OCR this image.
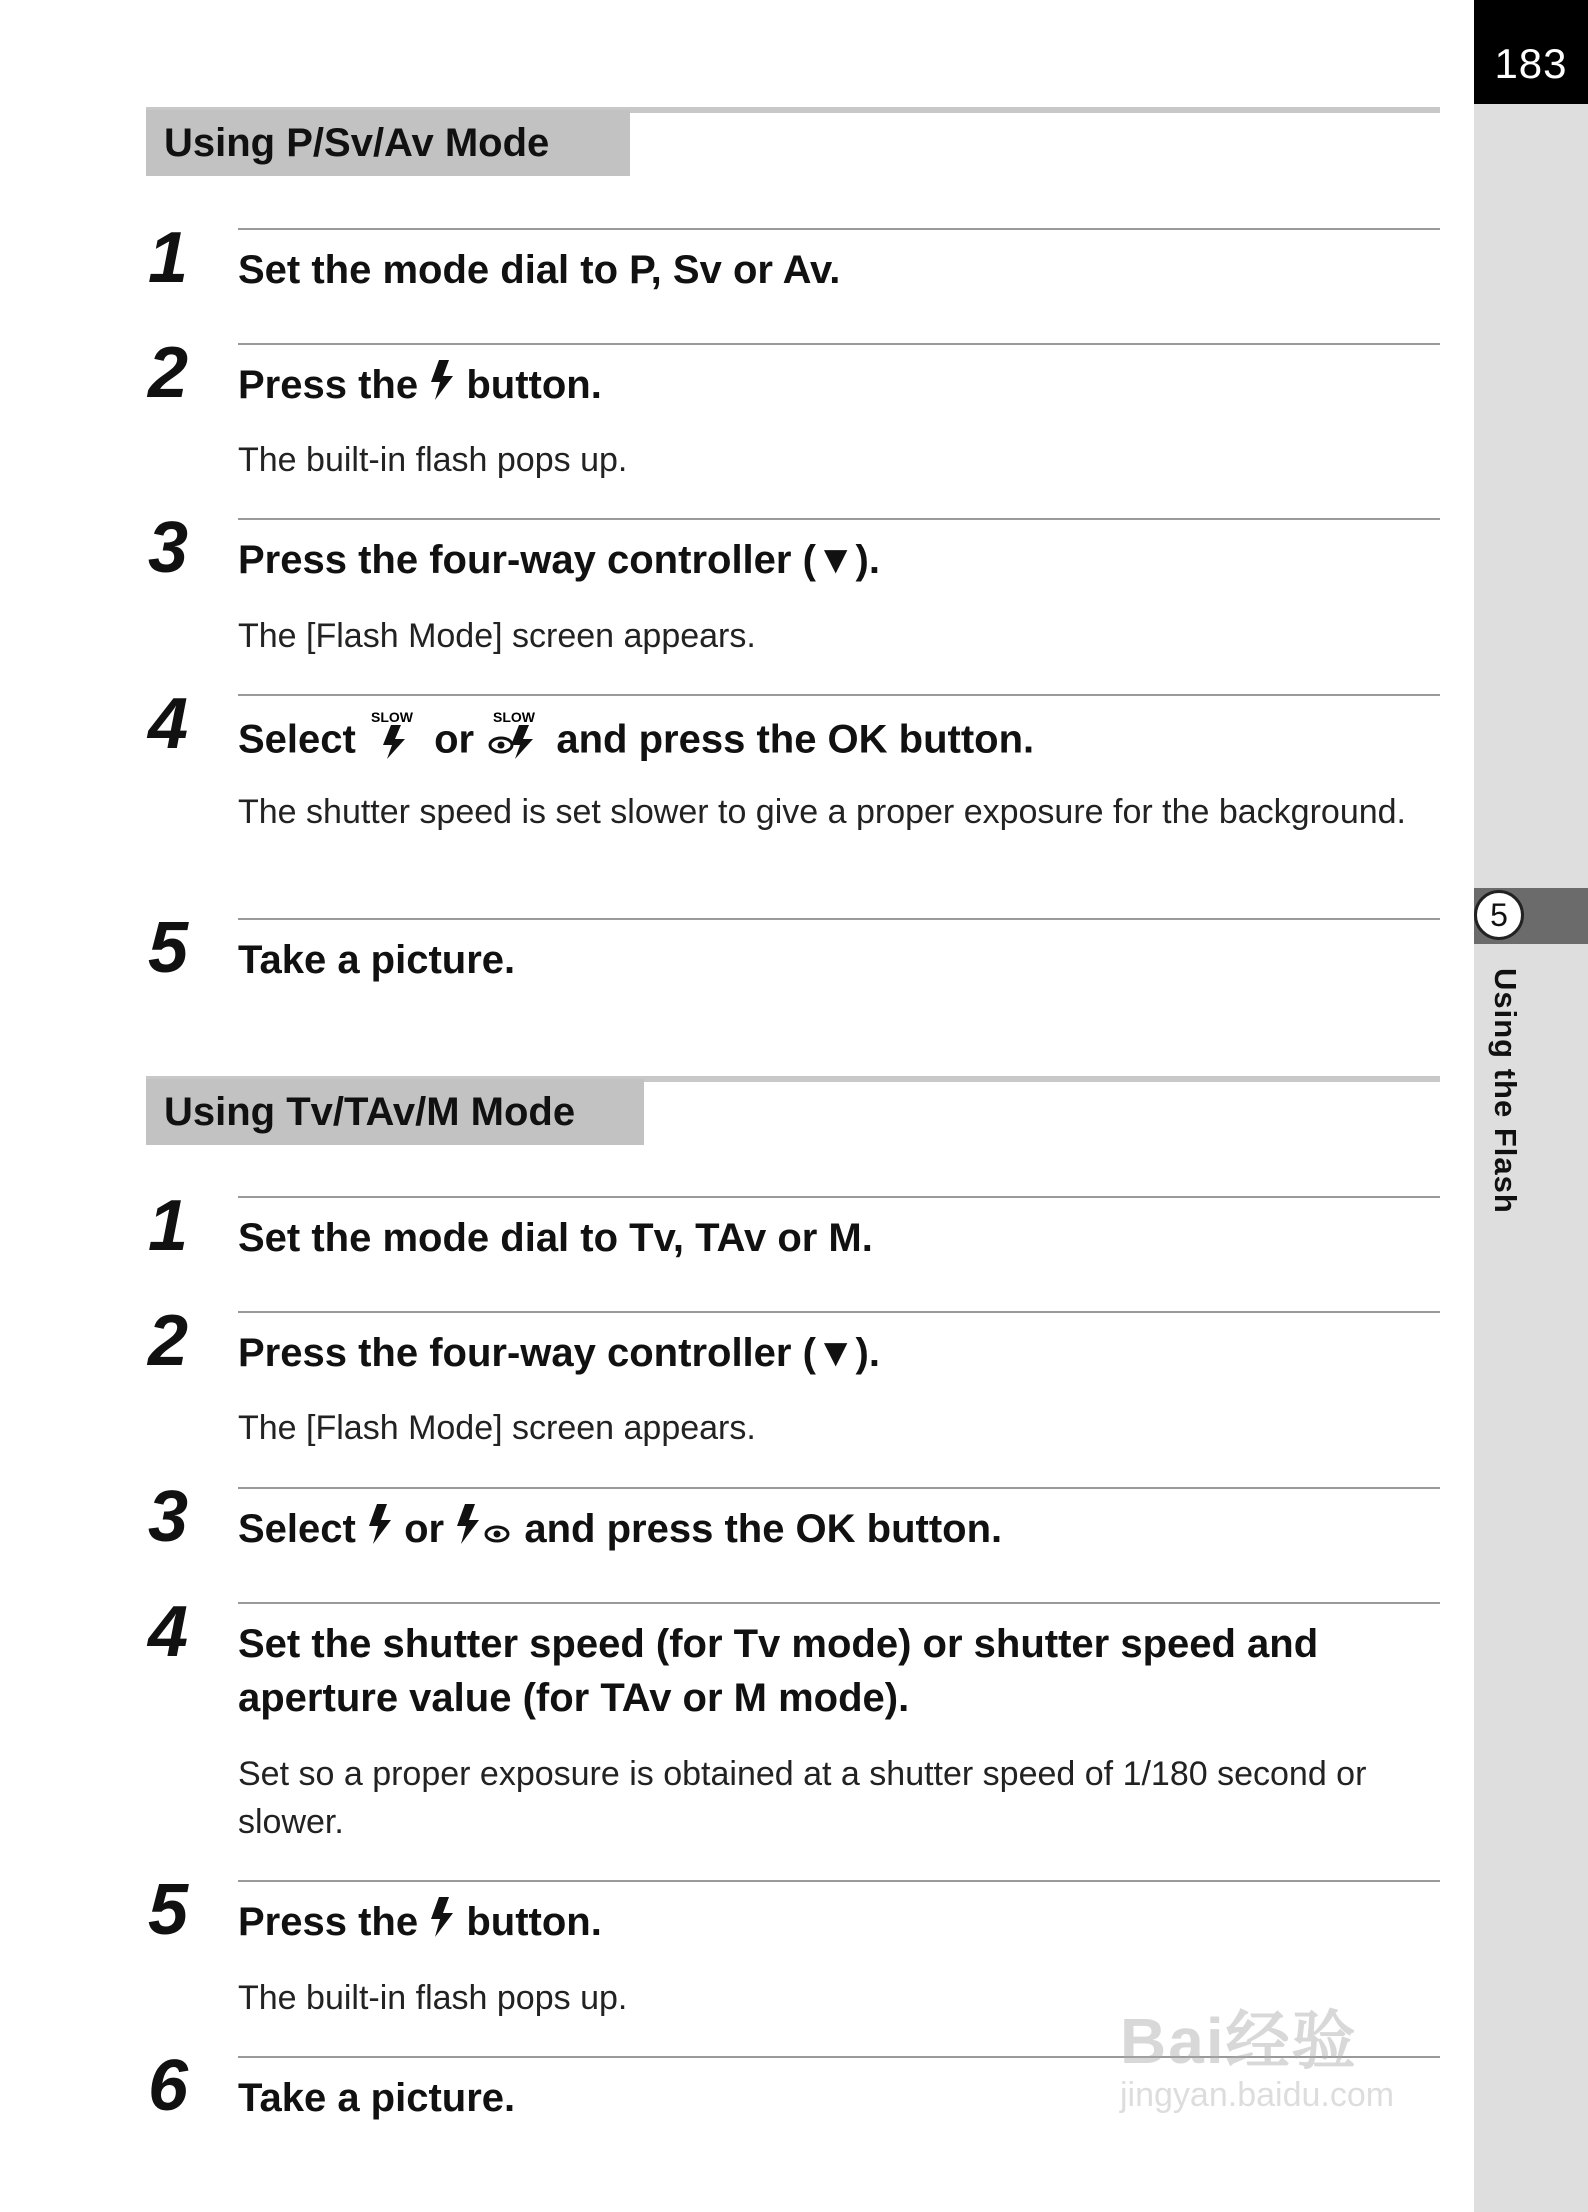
183
5
Using the Flash
Using P/Sv/Av Mode
1 Set the mode dial to P, Sv or Av.
2 Press the button.
The built-in flash pops up.
3 Press the four-way controller (▼).
The [Flash Mode] screen appears.
4 Select
SLOW
or
SLOW
and press the OK button.
The shutter speed is set slower to give a proper exposure for the background.
5 Take a picture.
Using Tv/TAv/M Mode
1 Set the mode dial to Tv, TAv or M.
2 Press the four-way controller (▼).
The [Flash Mode] screen appears.
3 Select or and press the OK button.
4 Set the shutter speed (for Tv mode) or shutter speed and aperture value (for TAv or M mode).
Set so a proper exposure is obtained at a shutter speed of 1/180 second or slower.
5 Press the button.
The built-in flash pops up.
6 Take a picture.
Bai经验
jingyan.baidu.com
